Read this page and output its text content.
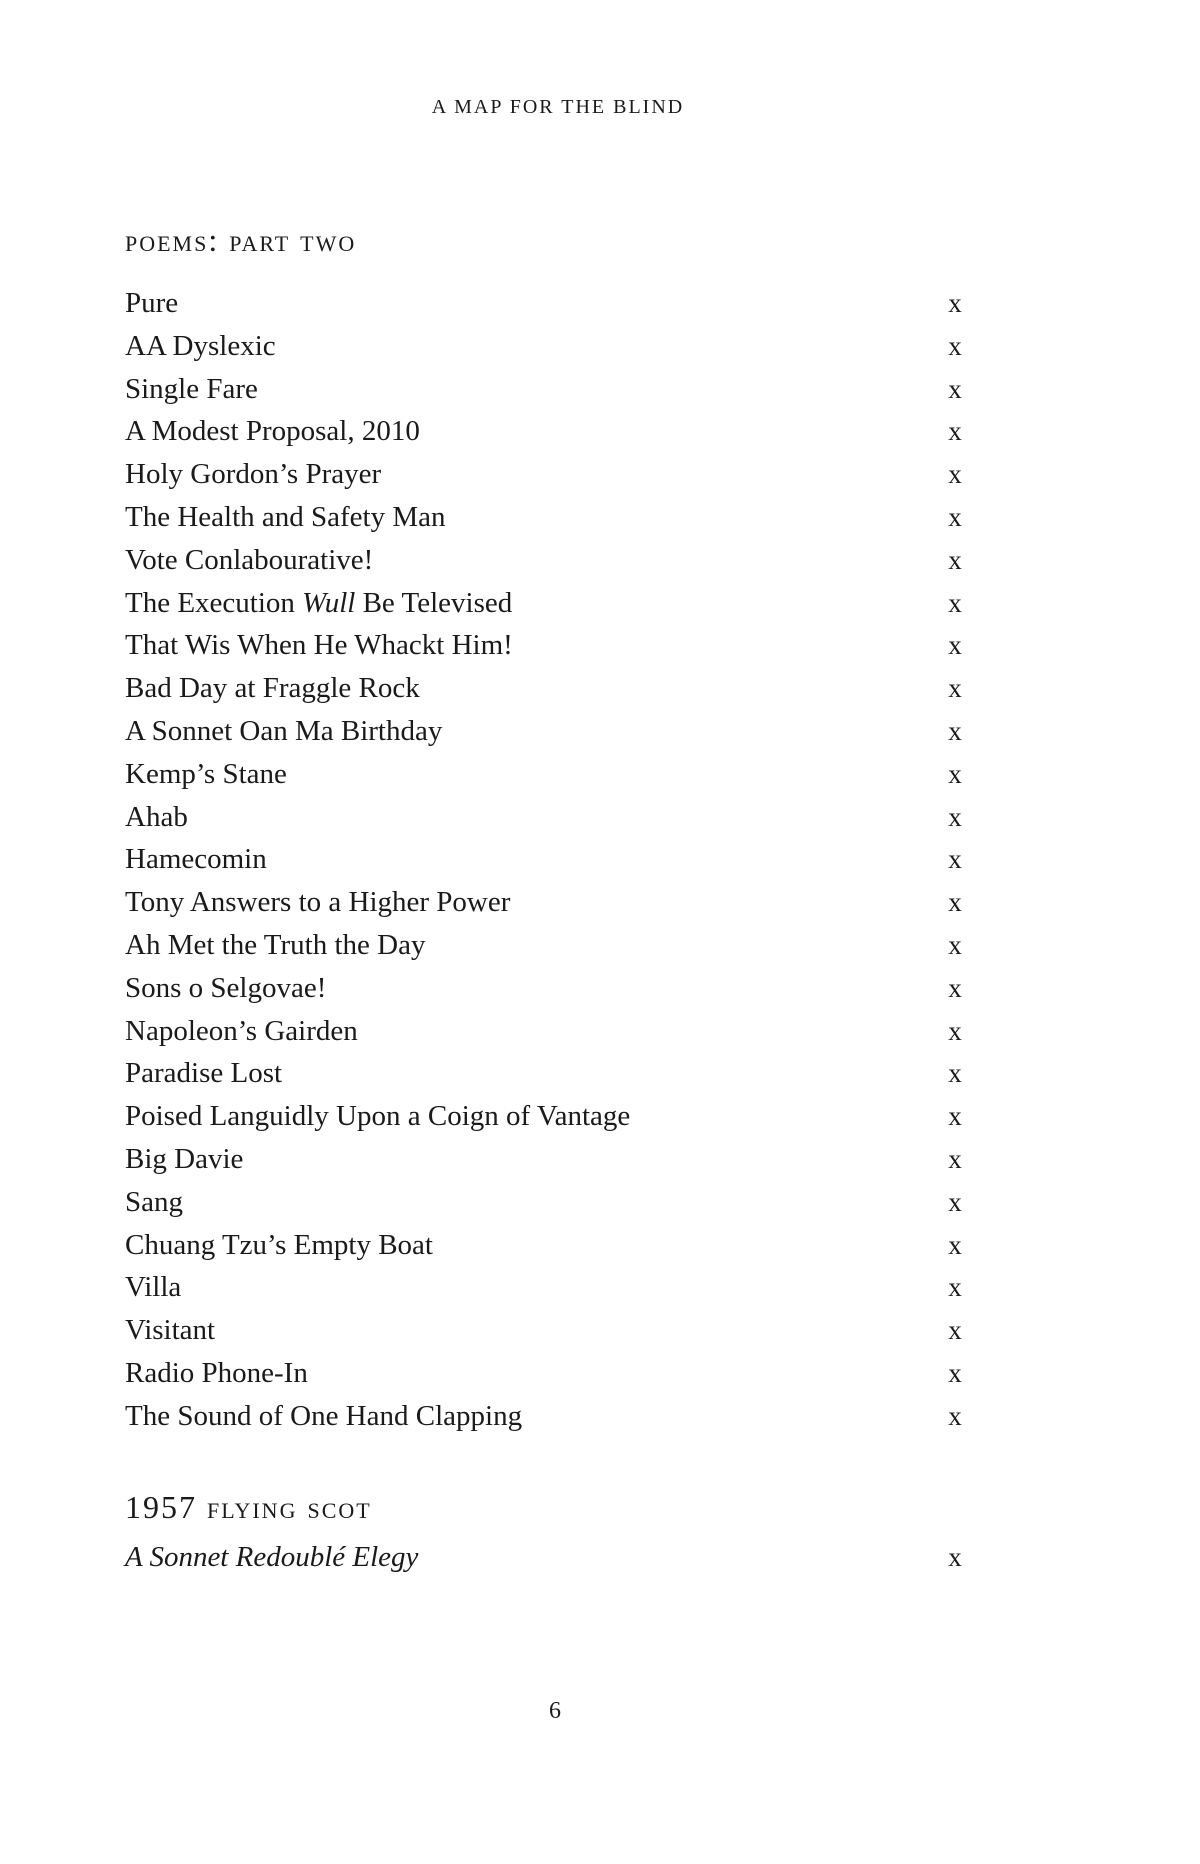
A MAP FOR THE BLIND
poems: part two
Pure	x
AA Dyslexic	x
Single Fare	x
A Modest Proposal, 2010	x
Holy Gordon’s Prayer	x
The Health and Safety Man	x
Vote Conlabourative!	x
The Execution Wull Be Televised	x
That Wis When He Whackt Him!	x
Bad Day at Fraggle Rock	x
A Sonnet Oan Ma Birthday	x
Kemp’s Stane	x
Ahab	x
Hamecomin	x
Tony Answers to a Higher Power	x
Ah Met the Truth the Day	x
Sons o Selgovae!	x
Napoleon’s Gairden	x
Paradise Lost	x
Poised Languidly Upon a Coign of Vantage	x
Big Davie	x
Sang	x
Chuang Tzu’s Empty Boat	x
Villa	x
Visitant	x
Radio Phone-In	x
The Sound of One Hand Clapping	x
1957 flying scot
A Sonnet Redoublé Elegy	x
6
